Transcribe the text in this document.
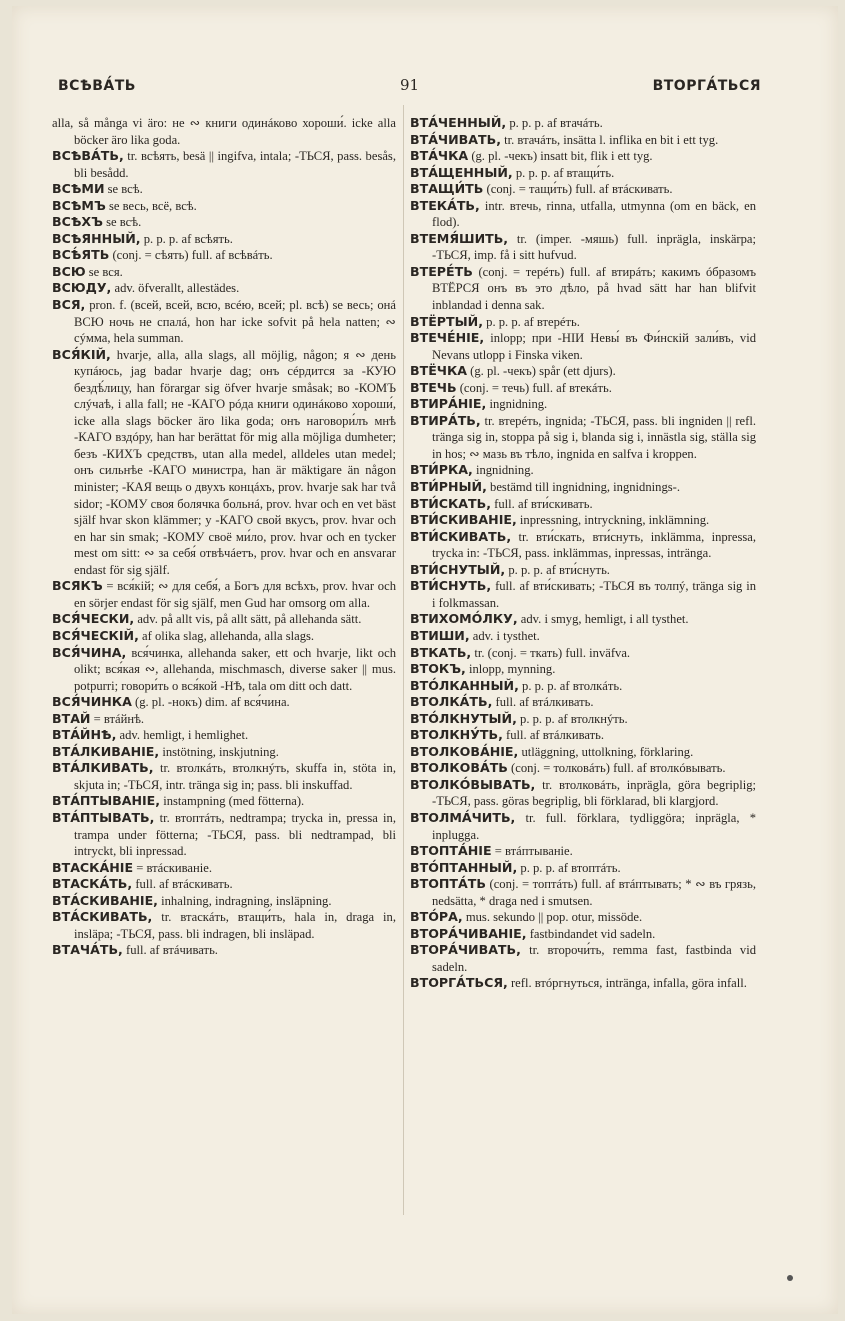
ВСѢВА́ТЬ	91	ВТОРГА́ТЬСЯ

alla, så många vi äro: не ∾ книги одинáково хороши́. icke alla böcker äro lika goda.

ВСѢВА́ТЬ, tr. всѣять, besä || ingifva, intala; -ТЬСЯ, pass. besås, bli besådd.

ВСѢМИ se всѣ.

ВСѢМЪ se весь, всё, всѣ.

ВСѢХЪ se всѣ.

ВСѢЯННЫЙ, p. p. p. af всѣять.

ВСѢ́ЯТЬ (conj. = сѣять) full. af всѣвáть.

ВСЮ se вся.

ВСЮДУ, adv. öfverallt, allestädes.

ВСЯ, pron. f. (всей, всей, всю, всéю, всей; pl. всѣ) se весь; онá ВСЮ ночь не спалá, hon har icke sofvit på hela natten; ∾ сýмма, hela summan.

ВСЯ́КІЙ, hvarje, alla, alla slags, all möjlig, någon; я ∾ день купáюсь, jag badar hvarje dag; онъ сéрдится за -КУЮ бездѣ́лицу, han förargar sig öfver hvarje småsak; во -КОМЪ слýчаѣ, i alla fall; не -КАГО рóда книги одинáково хороши́, icke alla slags böcker äro lika goda; онъ наговори́лъ мнѣ -КАГО вздóру, han har berättat för mig alla möjliga dumheter; безъ -КИХЪ средствъ, utan alla medel, alldeles utan medel; онъ сильнѣе -КАГО министра, han är mäktigare än någon minister; -КАЯ вещь о двухъ концáхъ, prov. hvarje sak har två sidor; -КОМУ своя болячка больнá, prov. hvar och en vet bäst själf hvar skon klämmer; у -КАГО свой вкусъ, prov. hvar och en har sin smak; -КОМУ своё ми́ло, prov. hvar och en tycker mest om sitt: ∾ за себя́ отвѣчáетъ, prov. hvar och en ansvarar endast för sig själf.

ВСЯКЪ = вся́кій; ∾ для себя́, а Богъ для всѣхъ, prov. hvar och en sörjer endast för sig själf, men Gud har omsorg om alla.

ВСЯ́ЧЕСКИ, adv. på allt vis, på allt sätt, på allehanda sätt.

ВСЯ́ЧЕСКІЙ, af olika slag, allehanda, alla slags.

ВСЯ́ЧИНА, вся́чинка, allehanda saker, ett och hvarje, likt och olikt; вся́кая ∾, allehanda, mischmasch, diverse saker || mus. potpurri; говори́ть о вся́кой -НѢ, tala om ditt och datt.

ВСЯ́ЧИНКА (g. pl. -нокъ) dim. af вся́чина.

ВТАЙ = втáйнѣ.

ВТА́ЙНѢ, adv. hemligt, i hemlighet.

ВТА́ЛКИВАНІЕ, instötning, inskjutning.

ВТА́ЛКИВАТЬ, tr. втолкáть, втолкнýть, skuffa in, stöta in, skjuta in; -ТЬСЯ, intr. tränga sig in; pass. bli inskuffad.

ВТА́ПТЫВАНІЕ, instampning (med fötterna).

ВТА́ПТЫВАТЬ, tr. втоптáть, nedtrampa; trycka in, pressa in, trampa under fötterna; -ТЬСЯ, pass. bli nedtrampad, bli intryckt, bli inpressad.

ВТАСКА́НІЕ = втáскиваніе.

ВТАСКА́ТЬ, full. af втáскивать.

ВТА́СКИВАНІЕ, inhalning, indragning, insläpning.

ВТА́СКИВАТЬ, tr. втаскáть, втащи́ть, hala in, draga in, insläpa; -ТЬСЯ, pass. bli indragen, bli insläpad.

ВТАЧА́ТЬ, full. af втáчивать.

ВТА́ЧЕННЫЙ, p. p. p. af втачáть.

ВТА́ЧИВАТЬ, tr. втачáть, insätta l. inflika en bit i ett tyg.

ВТА́ЧКА (g. pl. -чекъ) insatt bit, flik i ett tyg.

ВТА́ЩЕННЫЙ, p. p. p. af втащи́ть.

ВТАЩИ́ТЬ (conj. = тащи́ть) full. af втáскивать.

ВТЕКА́ТЬ, intr. втечь, rinna, utfalla, utmynna (om en bäck, en flod).

ВТЕМЯ́ШИТЬ, tr. (imper. -мяшь) full. inprägla, inskärpa; -ТЬСЯ, imp. få i sitt hufvud.

ВТЕРЕ́ТЬ (conj. = терéть) full. af втирáть; какимъ óбразомъ ВТЁРСЯ онъ въ это дѣло, på hvad sätt har han blifvit inblandad i denna sak.

ВТЁРТЫЙ, p. p. p. af втерéть.

ВТЕЧЕ́НІЕ, inlopp; при -НІИ Невы́ въ Фи́нскій зали́въ, vid Nevans utlopp i Finska viken.

ВТЁЧКА (g. pl. -чекъ) spår (ett djurs).

ВТЕЧЬ (conj. = течь) full. af втекáть.

ВТИРА́НІЕ, ingnidning.

ВТИРА́ТЬ, tr. втерéть, ingnida; -ТЬСЯ, pass. bli ingniden || refl. tränga sig in, stoppa på sig i, blanda sig i, innästla sig, ställa sig in hos; ∾ мазь въ тѣло, ingnida en salfva i kroppen.

ВТИ́РКА, ingnidning.

ВТИ́РНЫЙ, bestämd till ingnidning, ingnidnings-.

ВТИ́СКАТЬ, full. af вти́скивать.

ВТИ́СКИВАНІЕ, inpressning, intryckning, inklämning.

ВТИ́СКИВАТЬ, tr. вти́скать, вти́снуть, inklämma, inpressa, trycka in: -ТЬСЯ, pass. inklämmas, inpressas, intränga.

ВТИ́СНУТЫЙ, p. p. p. af вти́снуть.

ВТИ́СНУТЬ, full. af вти́скивать; -ТЬСЯ въ толпý, tränga sig in i folkmassan.

ВТИХОМО́ЛКУ, adv. i smyg, hemligt, i all tysthet.

ВТИШИ, adv. i tysthet.

ВТКАТЬ, tr. (conj. = ткать) full. inväfva.

ВТОКЪ, inlopp, mynning.

ВТО́ЛКАННЫЙ, p. p. p. af втолкáть.

ВТОЛКА́ТЬ, full. af втáлкивать.

ВТО́ЛКНУТЫЙ, p. p. p. af втолкнýть.

ВТОЛКНУ́ТЬ, full. af втáлкивать.

ВТОЛКОВА́НІЕ, utläggning, uttolkning, förklaring.

ВТОЛКОВА́ТЬ (conj. = толковáть) full. af втолкóвывать.

ВТОЛКО́ВЫВАТЬ, tr. втолковáть, inprägla, göra begriplig; -ТЬСЯ, pass. göras begriplig, bli förklarad, bli klargjord.

ВТОЛМА́ЧИТЬ, tr. full. förklara, tydliggöra; inprägla, * inplugga.

ВТОПТА́НІЕ = втáптываніе.

ВТО́ПТАННЫЙ, p. p. p. af втоптáть.

ВТОПТА́ТЬ (conj. = топтáть) full. af втáптывать; * ∾ въ грязь, nedsätta, * draga ned i smutsen.

ВТО́РА, mus. sekundo || pop. otur, missöde.

ВТОРА́ЧИВАНІЕ, fastbindandet vid sadeln.

ВТОРА́ЧИВАТЬ, tr. второчи́ть, remma fast, fastbinda vid sadeln.

ВТОРГА́ТЬСЯ, refl. втóргнуться, intränga, infalla, göra infall.
